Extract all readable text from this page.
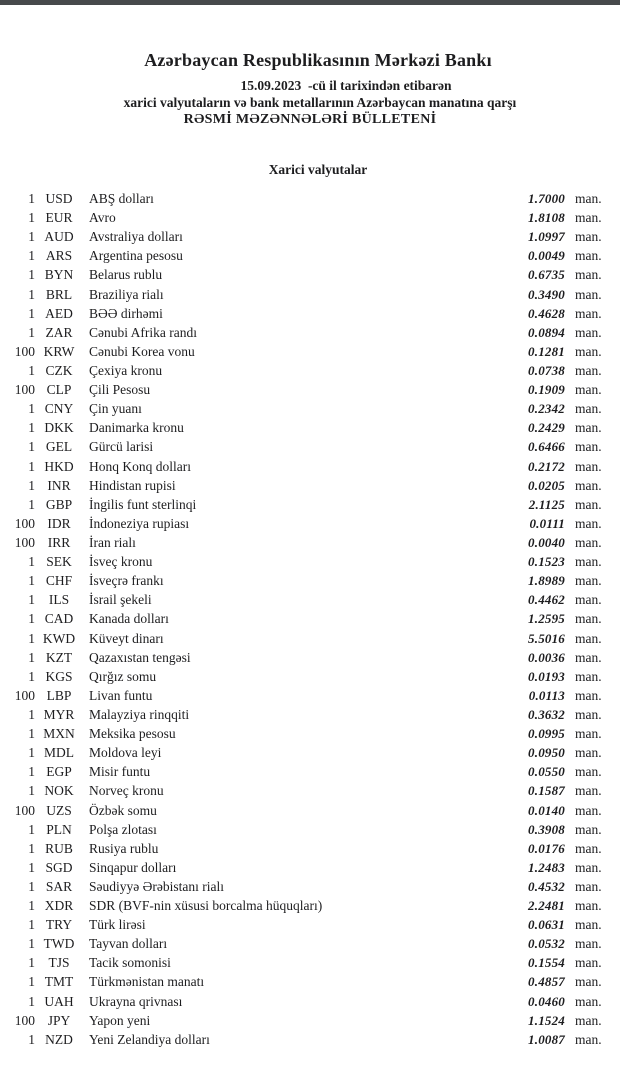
Azərbaycan Respublikasının Mərkəzi Bankı
15.09.2023  -cü il tarixindən etibarən
xarici valyutaların və bank metallarının Azərbaycan manatına qarşı
RƏSMİ MƏZƏNNƏLƏRİ BÜLLETENİ
Xarici valyutalar
1 USD	ABŞ dolları	1.7000 man.
1 EUR	Avro	1.8108 man.
1 AUD	Avstraliya dolları	1.0997 man.
1 ARS	Argentina pesosu	0.0049 man.
1 BYN	Belarus rublu	0.6735 man.
1 BRL	Braziliya rialı	0.3490 man.
1 AED	BƏƏ dirhəmi	0.4628 man.
1 ZAR	Cənubi Afrika randı	0.0894 man.
100 KRW	Cənubi Korea vonu	0.1281 man.
1 CZK	Çexiya kronu	0.0738 man.
100 CLP	Çili Pesosu	0.1909 man.
1 CNY	Çin yuanı	0.2342 man.
1 DKK	Danimarka kronu	0.2429 man.
1 GEL	Gürcü larisi	0.6466 man.
1 HKD	Honq Konq dolları	0.2172 man.
1 INR	Hindistan rupisi	0.0205 man.
1 GBP	İngilis funt sterlinqi	2.1125 man.
100 IDR	İndoneziya rupiası	0.0111 man.
100 IRR	İran rialı	0.0040 man.
1 SEK	İsveç kronu	0.1523 man.
1 CHF	İsveçrə frankı	1.8989 man.
1	ILS	İsrail şekeli	0.4462 man.
1 CAD	Kanada dolları	1.2595 man.
1 KWD	Küveyt dinarı	5.5016 man.
1 KZT	Qazaxıstan tengəsi	0.0036 man.
1 KGS	Qırğız somu	0.0193 man.
100 LBP	Livan funtu	0.0113 man.
1 MYR	Malayziya rinqqiti	0.3632 man.
1 MXN	Meksika pesosu	0.0995 man.
1 MDL	Moldova leyi	0.0950 man.
1 EGP	Misir funtu	0.0550 man.
1 NOK	Norveç kronu	0.1587 man.
100 UZS	Özbək somu	0.0140 man.
1 PLN	Polşa zlotası	0.3908 man.
1 RUB	Rusiya rublu	0.0176 man.
1 SGD	Sinqapur dolları	1.2483 man.
1 SAR	Səudiyyə Ərəbistanı rialı	0.4532 man.
1 XDR	SDR (BVF-nin xüsusi borcalma hüquqları)	2.2481 man.
1 TRY	Türk lirəsi	0.0631 man.
1 TWD	Tayvan dolları	0.0532 man.
1 TJS	Tacik somonisi	0.1554 man.
1 TMT	Türkmənistan manatı	0.4857 man.
1 UAH	Ukrayna qrivnası	0.0460 man.
100 JPY	Yapon yeni	1.1524 man.
1 NZD	Yeni Zelandiya dolları	1.0087 man.
